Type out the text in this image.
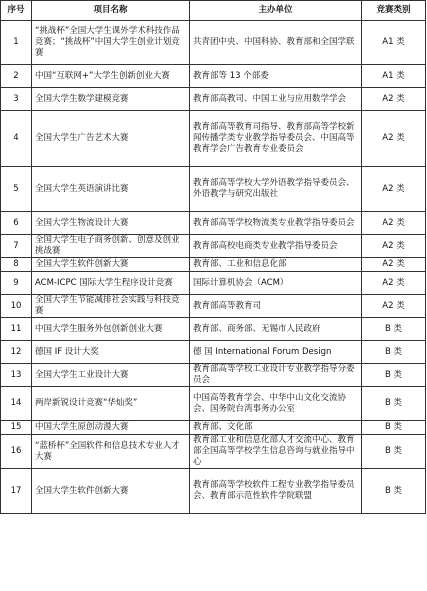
序号	项目名称	主办单位	竞赛类别
1	“挑战杯”全国大学生课外学术科技作品竞赛；“挑战杯”中国大学生创业计划竞赛	共青团中央、中国科协、教育部和全国学联	A1 类
2	中国“互联网+”大学生创新创业大赛	教育部等 13 个部委	A1 类
3	全国大学生数学建模竞赛	教育部高教司、中国工业与应用数学学会	A2 类
4	全国大学生广告艺术大赛	教育部高等教育司指导、教育部高等学校新闻传播学类专业教学指导委员会、中国高等教育学会广告教育专业委员会	A2 类
5	全国大学生英语演讲比赛	教育部高等学校大学外语教学指导委员会、外语教学与研究出版社	A2 类
6	全国大学生物流设计大赛	教育部高等学校物流类专业教学指导委员会	A2 类
7	全国大学生电子商务创新、创意及创业挑战赛	教育部高校电商类专业教学指导委员会	A2 类
8	全国大学生软件创新大赛	教育部、工业和信息化部	A2 类
9	ACM-ICPC 国际大学生程序设计竞赛	国际计算机协会（ACM）	A2 类
10	全国大学生节能减排社会实践与科技竞赛	教育部高等教育司	A2 类
11	中国大学生服务外包创新创业大赛	教育部、商务部、无锡市人民政府	B 类
12	德国 IF 设计大奖	德 国 International Forum Design	B 类
13	全国大学生工业设计大赛	教育部高等学校工业设计专业教学指导分委员会	B 类
14	两岸新锐设计竞赛“华灿奖”	中国高等教育学会、中华中山文化交流协会、国务院台湾事务办公室	B 类
15	中国大学生原创动漫大赛	教育部、文化部	B 类
16	“蓝桥杯”全国软件和信息技术专业人才大赛	教育部工业和信息化部人才交流中心、教育部全国高等学校学生信息咨询与就业指导中心	B 类
17	全国大学生软件创新大赛	教育部高等学校软件工程专业教学指导委员会、教育部示范性软件学院联盟	B 类
